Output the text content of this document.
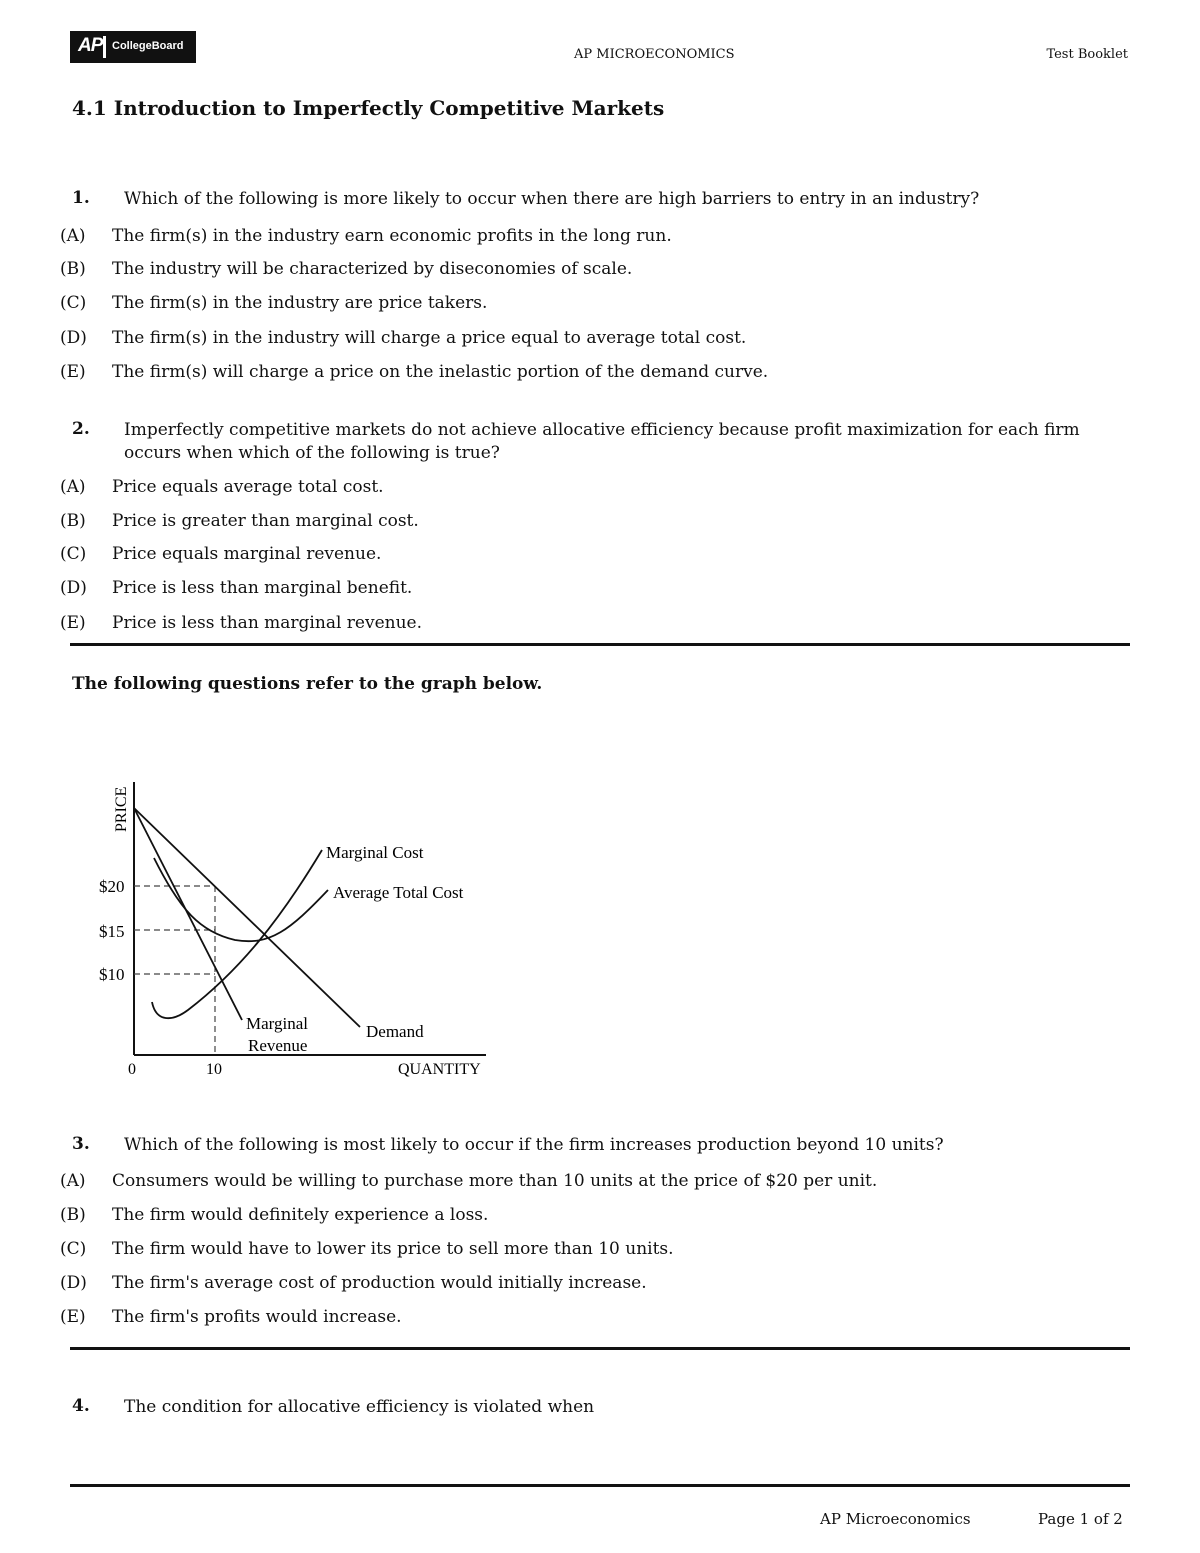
AP CollegeBoard
AP MICROECONOMICS	Test Booklet
4.1 Introduction to Imperfectly Competitive Markets
1. Which of the following is more likely to occur when there are high barriers to entry in an industry?
(A) The firm(s) in the industry earn economic profits in the long run.
(B) The industry will be characterized by diseconomies of scale.
(C) The firm(s) in the industry are price takers.
(D) The firm(s) in the industry will charge a price equal to average total cost.
(E) The firm(s) will charge a price on the inelastic portion of the demand curve.
2. Imperfectly competitive markets do not achieve allocative efficiency because profit maximization for each firm occurs when which of the following is true?
(A) Price equals average total cost.
(B) Price is greater than marginal cost.
(C) Price equals marginal revenue.
(D) Price is less than marginal benefit.
(E) Price is less than marginal revenue.
The following questions refer to the graph below.
PRICE
QUANTITY
0	10
$20
$15
$10
Marginal Cost
Average Total Cost
Demand
Marginal
Revenue
3. Which of the following is most likely to occur if the firm increases production beyond 10 units?
(A) Consumers would be willing to purchase more than 10 units at the price of $20 per unit.
(B) The firm would definitely experience a loss.
(C) The firm would have to lower its price to sell more than 10 units.
(D) The firm's average cost of production would initially increase.
(E) The firm's profits would increase.
4. The condition for allocative efficiency is violated when
AP Microeconomics	Page 1 of 2
